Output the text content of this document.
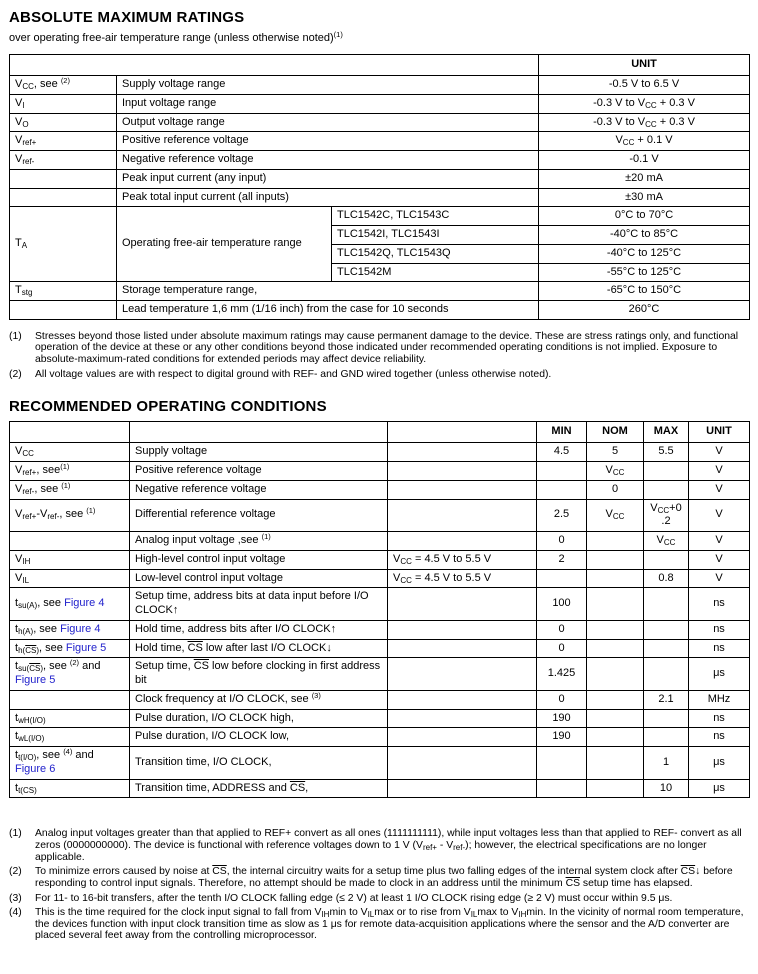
ABSOLUTE MAXIMUM RATINGS

over operating free-air temperature range (unless otherwise noted)$^{(1)}$

			UNIT
$V_{CC}$, see $^{(2)}$	Supply voltage range		-0.5 V to 6.5 V
$V_I$	Input voltage range		-0.3 V to $V_{CC} + 0.3$ V
$V_O$	Output voltage range		-0.3 V to $V_{CC} + 0.3$ V
$V_{ref+}$	Positive reference voltage		$V_{CC} + 0.1$ V
$V_{ref-}$	Negative reference voltage		-0.1 V
	Peak input current (any input)		±20 mA
	Peak total input current (all inputs)		±30 mA
$T_A$	Operating free-air temperature range	TLC1542C, TLC1543C	0°C to 70°C
		TLC1542I, TLC1543I	-40°C to 85°C
		TLC1542Q, TLC1543Q	-40°C to 125°C
		TLC1542M	-55°C to 125°C
$T_{stg}$	Storage temperature range,		-65°C to 150°C
	Lead temperature 1,6 mm (1/16 inch) from the case for 10 seconds		260°C
(1)	Stresses beyond those listed under absolute maximum ratings may cause permanent damage to the device. These are stress ratings only, and functional operation of the device at these or any other conditions beyond those indicated under recommended operating conditions is not implied. Exposure to absolute-maximum-rated conditions for extended periods may affect device reliability.
(2)	All voltage values are with respect to digital ground with REF- and GND wired together (unless otherwise noted).
RECOMMENDED OPERATING CONDITIONS
			MIN	NOM	MAX	UNIT
$V_{CC}$	Supply voltage		4.5	5	5.5	V
$V_{ref+}$, see$^{(1)}$	Positive reference voltage			$V_{CC}$		V
$V_{ref-}$, see $^{(1)}$	Negative reference voltage			0		V
$V_{ref+}-V_{ref-}$, see $^{(1)}$	Differential reference voltage		2.5	$V_{CC}$	$V_{CC}+0.2$	V
	Analog input voltage ,see $^{(1)}$		0		$V_{CC}$	V
$V_{IH}$	High-level control input voltage	$V_{CC} = 4.5$ V to 5.5 V	2			V
$V_{IL}$	Low-level control input voltage	$V_{CC} = 4.5$ V to 5.5 V			0.8	V
$t_{su(A)}$, see Figure 4	Setup time, address bits at data input before I/O CLOCK↑		100			ns
$t_{h(A)}$, see Figure 4	Hold time, address bits after I/O CLOCK↑		0			ns
$t_{h(\overline{CS})}$, see Figure 5	Hold time, $\overline{CS}$ low after last I/O CLOCK↓		0			ns
$t_{su(\overline{CS})}$, see $^{(2)}$ and Figure 5	Setup time, $\overline{CS}$ low before clocking in first address bit		1.425			μs
	Clock frequency at I/O CLOCK, see $^{(3)}$		0		2.1	MHz
$t_{wH(I/O)}$	Pulse duration, I/O CLOCK high,		190			ns
$t_{wL(I/O)}$	Pulse duration, I/O CLOCK low,		190			ns
$t_{t(I/O)}$, see $^{(4)}$ and Figure 6	Transition time, I/O CLOCK,				1	μs
$t_{t(CS)}$	Transition time, ADDRESS and $\overline{CS}$,				10	μs
(1)	Analog input voltages greater than that applied to REF+ convert as all ones (1111111111), while input voltages less than that applied to REF- convert as all zeros (0000000000). The device is functional with reference voltages down to 1 V $(V_{ref+} - V_{ref-})$; however, the electrical specifications are no longer applicable.
(2)	To minimize errors caused by noise at $\overline{CS}$, the internal circuitry waits for a setup time plus two falling edges of the internal system clock after $\overline{CS}↓$ before responding to control input signals. Therefore, no attempt should be made to clock in an address until the minimum $\overline{CS}$ setup time has elapsed.
(3)	For 11- to 16-bit transfers, after the tenth I/O CLOCK falling edge (≤ 2 V) at least 1 I/O CLOCK rising edge (≥ 2 V) must occur within 9.5 μs.
(4)	This is the time required for the clock input signal to fall from $V_{IH}\min$ to $V_{IL}\max$ or to rise from $V_{IL}\max$ to $V_{IH}\min$. In the vicinity of normal room temperature, the devices function with input clock transition time as slow as 1 μs for remote data-acquisition applications where the sensor and the A/D converter are placed several feet away from the controlling microprocessor.
